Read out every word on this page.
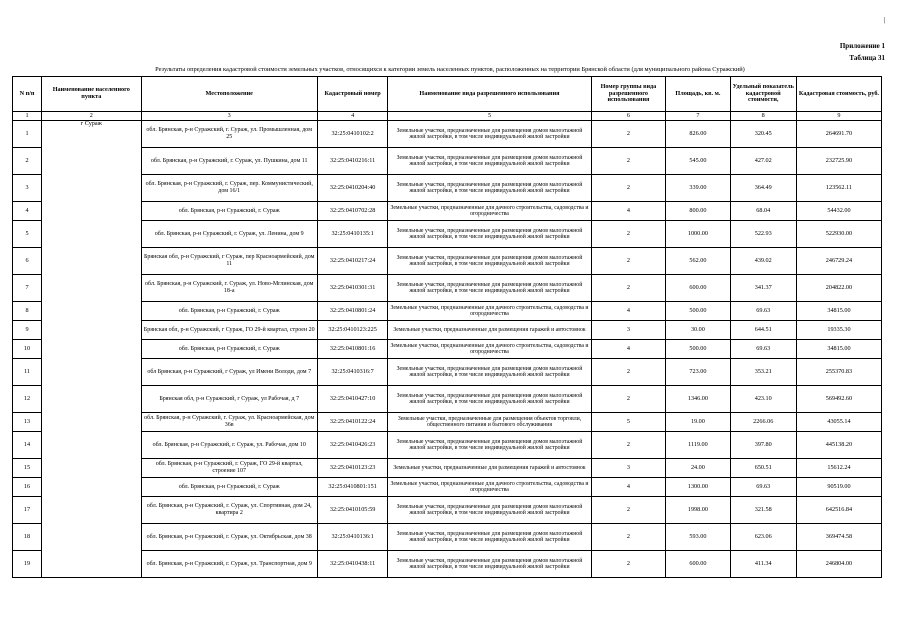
|
Приложение 1
Таблица 31
Результаты определения кадастровой стоимости земельных участков, относящихся к категории земель населенных пунктов, расположенных на территории Брянской области (для муниципального района Суражский)
N п/п	Наименование населенного пункта	Местоположение	Кадастровый номер	Наименование вида разрешенного использования	Номер группы вида разрешенного использования	Площадь, кв. м.	Удельный показатель кадастровой стоимости,	Кадастровая стоимость, руб.
1	2	3	4	5	6	7	8	9
1	г Сураж	обл. Брянская, р-н Суражский, г. Сураж, ул. Промышленная, дом 25	32:25:0410102:2	Земельные участки, предназначенные для размещения домов малоэтажной жилой застройки, в том числе индивидуальной жилой застройки	2	826.00	320.45	264691.70
2		обл. Брянская, р-н Суражский, г. Сураж, ул. Пушкина, дом 11	32:25:0410216:11	Земельные участки, предназначенные для размещения домов малоэтажной жилой застройки, в том числе индивидуальной жилой застройки	2	545.00	427.02	232725.90
3		обл. Брянская, р-н Суражский, г. Сураж, пер. Коммунистический, дом 16/1	32:25:0410204:40	Земельные участки, предназначенные для размещения домов малоэтажной жилой застройки, в том числе индивидуальной жилой застройки	2	339.00	364.49	123562.11
4		обл. Брянская, р-н Суражский, г. Сураж	32:25:0410702:28	Земельные участки, предназначенные для дачного строительства, садоводства и огородничества	4	800.00	68.04	54432.00
5		обл. Брянская, р-н Суражский, г. Сураж, ул. Ленина, дом 9	32:25:0410135:1	Земельные участки, предназначенные для размещения домов малоэтажной жилой застройки, в том числе индивидуальной жилой застройки	2	1000.00	522.93	522930.00
6		Брянская обл, р-н Суражский, г Сураж, пер Красноармейский, дом 11	32:25:0410217:24	Земельные участки, предназначенные для размещения домов малоэтажной жилой застройки, в том числе индивидуальной жилой застройки	2	562.00	439.02	246729.24
7		обл. Брянская, р-н Суражский, г. Сураж, ул. Ново-Мглинская, дом 18-а	32:25:0410301:31	Земельные участки, предназначенные для размещения домов малоэтажной жилой застройки, в том числе индивидуальной жилой застройки	2	600.00	341.37	204822.00
8		обл. Брянская, р-н Суражский, г. Сураж	32:25:0410801:24	Земельные участки, предназначенные для дачного строительства, садоводства и огородничества	4	500.00	69.63	34815.00
9		Брянская обл, р-н Суражский, г Сураж, ГО 29-й квартал, строен 20	32:25:0410123:225	Земельные участки, предназначенные для размещения гаражей и автостоянок	3	30.00	644.51	19335.30
10		обл. Брянская, р-н Суражский, г. Сураж	32:25:0410801:16	Земельные участки, предназначенные для дачного строительства, садоводства и огородничества	4	500.00	69.63	34815.00
11		обл Брянская, р-н Суражский, г Сураж, ул Имени Володи, дом 7	32:25:0410316:7	Земельные участки, предназначенные для размещения домов малоэтажной жилой застройки, в том числе индивидуальной жилой застройки	2	723.00	353.21	255370.83
12		Брянская обл, р-н Суражский, г Сураж, ул Рабочая, д 7	32:25:0410427:10	Земельные участки, предназначенные для размещения домов малоэтажной жилой застройки, в том числе индивидуальной жилой застройки	2	1346.00	423.10	569492.60
13		обл. Брянская, р-н Суражский, г. Сураж, ул. Красноармейская, дом 36в	32:25:0410122:24	Земельные участки, предназначенные для размещения объектов торговли, общественного питания и бытового обслуживания	5	19.00	2266.06	43055.14
14		обл. Брянская, р-н Суражский, г. Сураж, ул. Рабочая, дом 10	32:25:0410426:23	Земельные участки, предназначенные для размещения домов малоэтажной жилой застройки, в том числе индивидуальной жилой застройки	2	1119.00	397.80	445138.20
15		обл. Брянская, р-н Суражский, г. Сураж, ГО 29-й квартал, строение 107	32:25:0410123:23	Земельные участки, предназначенные для размещения гаражей и автостоянок	3	24.00	650.51	15612.24
16		обл. Брянская, р-н Суражский, г. Сураж	32:25:0410801:151	Земельные участки, предназначенные для дачного строительства, садоводства и огородничества	4	1300.00	69.63	90519.00
17		обл. Брянская, р-н Суражский, г. Сураж, ул. Спортивная, дом 24, квартира 2	32:25:0410105:59	Земельные участки, предназначенные для размещения домов малоэтажной жилой застройки, в том числе индивидуальной жилой застройки	2	1998.00	321.58	642516.84
18		обл. Брянская, р-н Суражский, г. Сураж, ул. Октябрьская, дом 38	32:25:0410136:1	Земельные участки, предназначенные для размещения домов малоэтажной жилой застройки, в том числе индивидуальной жилой застройки	2	593.00	623.06	369474.58
19		обл. Брянская, р-н Суражский, г. Сураж, ул. Транспортная, дом 9	32:25:0410438:11	Земельные участки, предназначенные для размещения домов малоэтажной жилой застройки, в том числе индивидуальной жилой застройки	2	600.00	411.34	246804.00
